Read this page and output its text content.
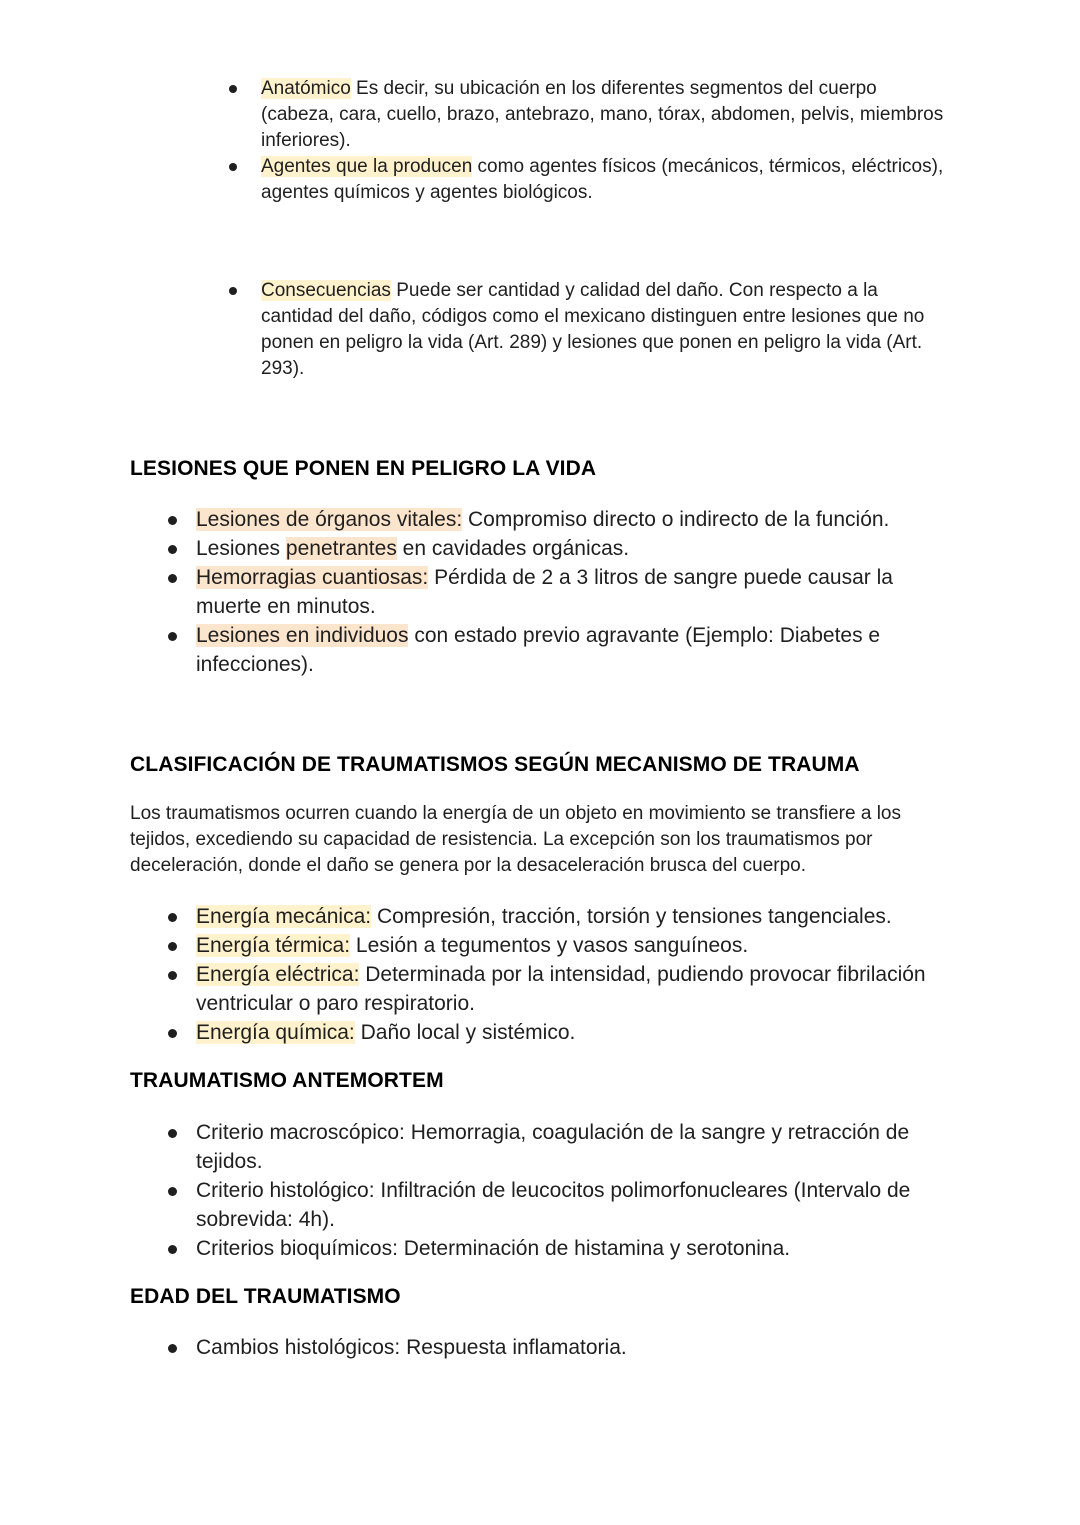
Anatómico Es decir, su ubicación en los diferentes segmentos del cuerpo (cabeza, cara, cuello, brazo, antebrazo, mano, tórax, abdomen, pelvis, miembros inferiores).
Agentes que la producen como agentes físicos (mecánicos, térmicos, eléctricos), agentes químicos y agentes biológicos.
Consecuencias Puede ser cantidad y calidad del daño. Con respecto a la cantidad del daño, códigos como el mexicano distinguen entre lesiones que no ponen en peligro la vida (Art. 289) y lesiones que ponen en peligro la vida (Art. 293).
LESIONES QUE PONEN EN PELIGRO LA VIDA
Lesiones de órganos vitales: Compromiso directo o indirecto de la función.
Lesiones penetrantes en cavidades orgánicas.
Hemorragias cuantiosas: Pérdida de 2 a 3 litros de sangre puede causar la muerte en minutos.
Lesiones en individuos con estado previo agravante (Ejemplo: Diabetes e infecciones).
CLASIFICACIÓN DE TRAUMATISMOS SEGÚN MECANISMO DE TRAUMA

Los traumatismos ocurren cuando la energía de un objeto en movimiento se transfiere a los tejidos, excediendo su capacidad de resistencia. La excepción son los traumatismos por deceleración, donde el daño se genera por la desaceleración brusca del cuerpo.

Energía mecánica: Compresión, tracción, torsión y tensiones tangenciales.
Energía térmica: Lesión a tegumentos y vasos sanguíneos.
Energía eléctrica: Determinada por la intensidad, pudiendo provocar fibrilación ventricular o paro respiratorio.
Energía química: Daño local y sistémico.
TRAUMATISMO ANTEMORTEM
Criterio macroscópico: Hemorragia, coagulación de la sangre y retracción de tejidos.
Criterio histológico: Infiltración de leucocitos polimorfonucleares (Intervalo de sobrevida: 4h).
Criterios bioquímicos: Determinación de histamina y serotonina.
EDAD DEL TRAUMATISMO
Cambios histológicos: Respuesta inflamatoria.
